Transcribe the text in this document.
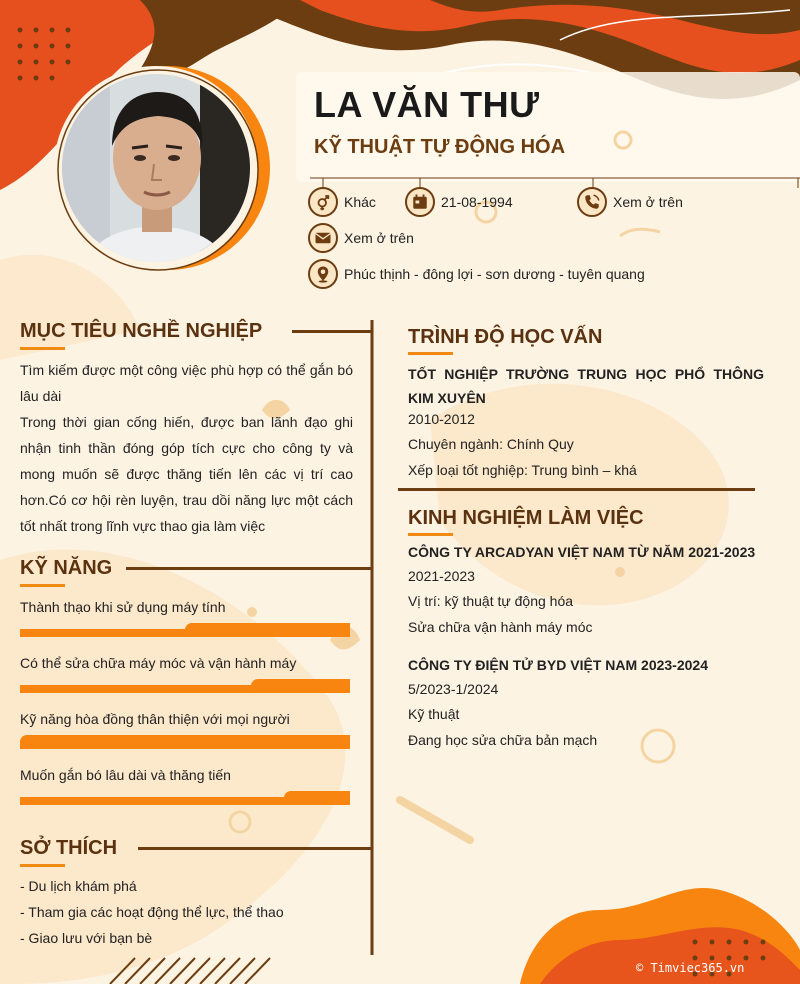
LA VĂN THƯ
KỸ THUẬT TỰ ĐỘNG HÓA
Khác	21-08-1994	Xem ở trên
Xem ở trên
Phúc thịnh - đông lợi - sơn dương - tuyên quang
MỤC TIÊU NGHỀ NGHIỆP
Tìm kiếm được một công việc phù hợp có thể gắn bó lâu dài
Trong thời gian cống hiến, được ban lãnh đạo ghi nhận tinh thần đóng góp tích cực cho công ty và mong muốn sẽ được thăng tiến lên các vị trí cao hơn.Có cơ hội rèn luyện, trau dồi năng lực một cách tốt nhất trong lĩnh vực thao gia làm việc
KỸ NĂNG
Thành thạo khi sử dụng máy tính
Có thể sửa chữa máy móc và vận hành máy
Kỹ năng hòa đồng thân thiện với mọi người
Muốn gắn bó lâu dài và thăng tiến
SỞ THÍCH
- Du lịch khám phá
- Tham gia các hoạt động thể lực, thể thao
- Giao lưu với bạn bè
TRÌNH ĐỘ HỌC VẤN
TỐT NGHIỆP TRƯỜNG TRUNG HỌC PHỔ THÔNG KIM XUYÊN
2010-2012
Chuyên ngành: Chính Quy
Xếp loại tốt nghiệp: Trung bình – khá
KINH NGHIỆM LÀM VIỆC
CÔNG TY ARCADYAN VIỆT NAM TỪ NĂM 2021-2023
2021-2023
Vị trí: kỹ thuật tự động hóa
Sửa chữa vận hành máy móc
CÔNG TY ĐIỆN TỬ BYD VIỆT NAM 2023-2024
5/2023-1/2024
Kỹ thuật
Đang học sửa chữa bản mạch
© Timviec365.vn
